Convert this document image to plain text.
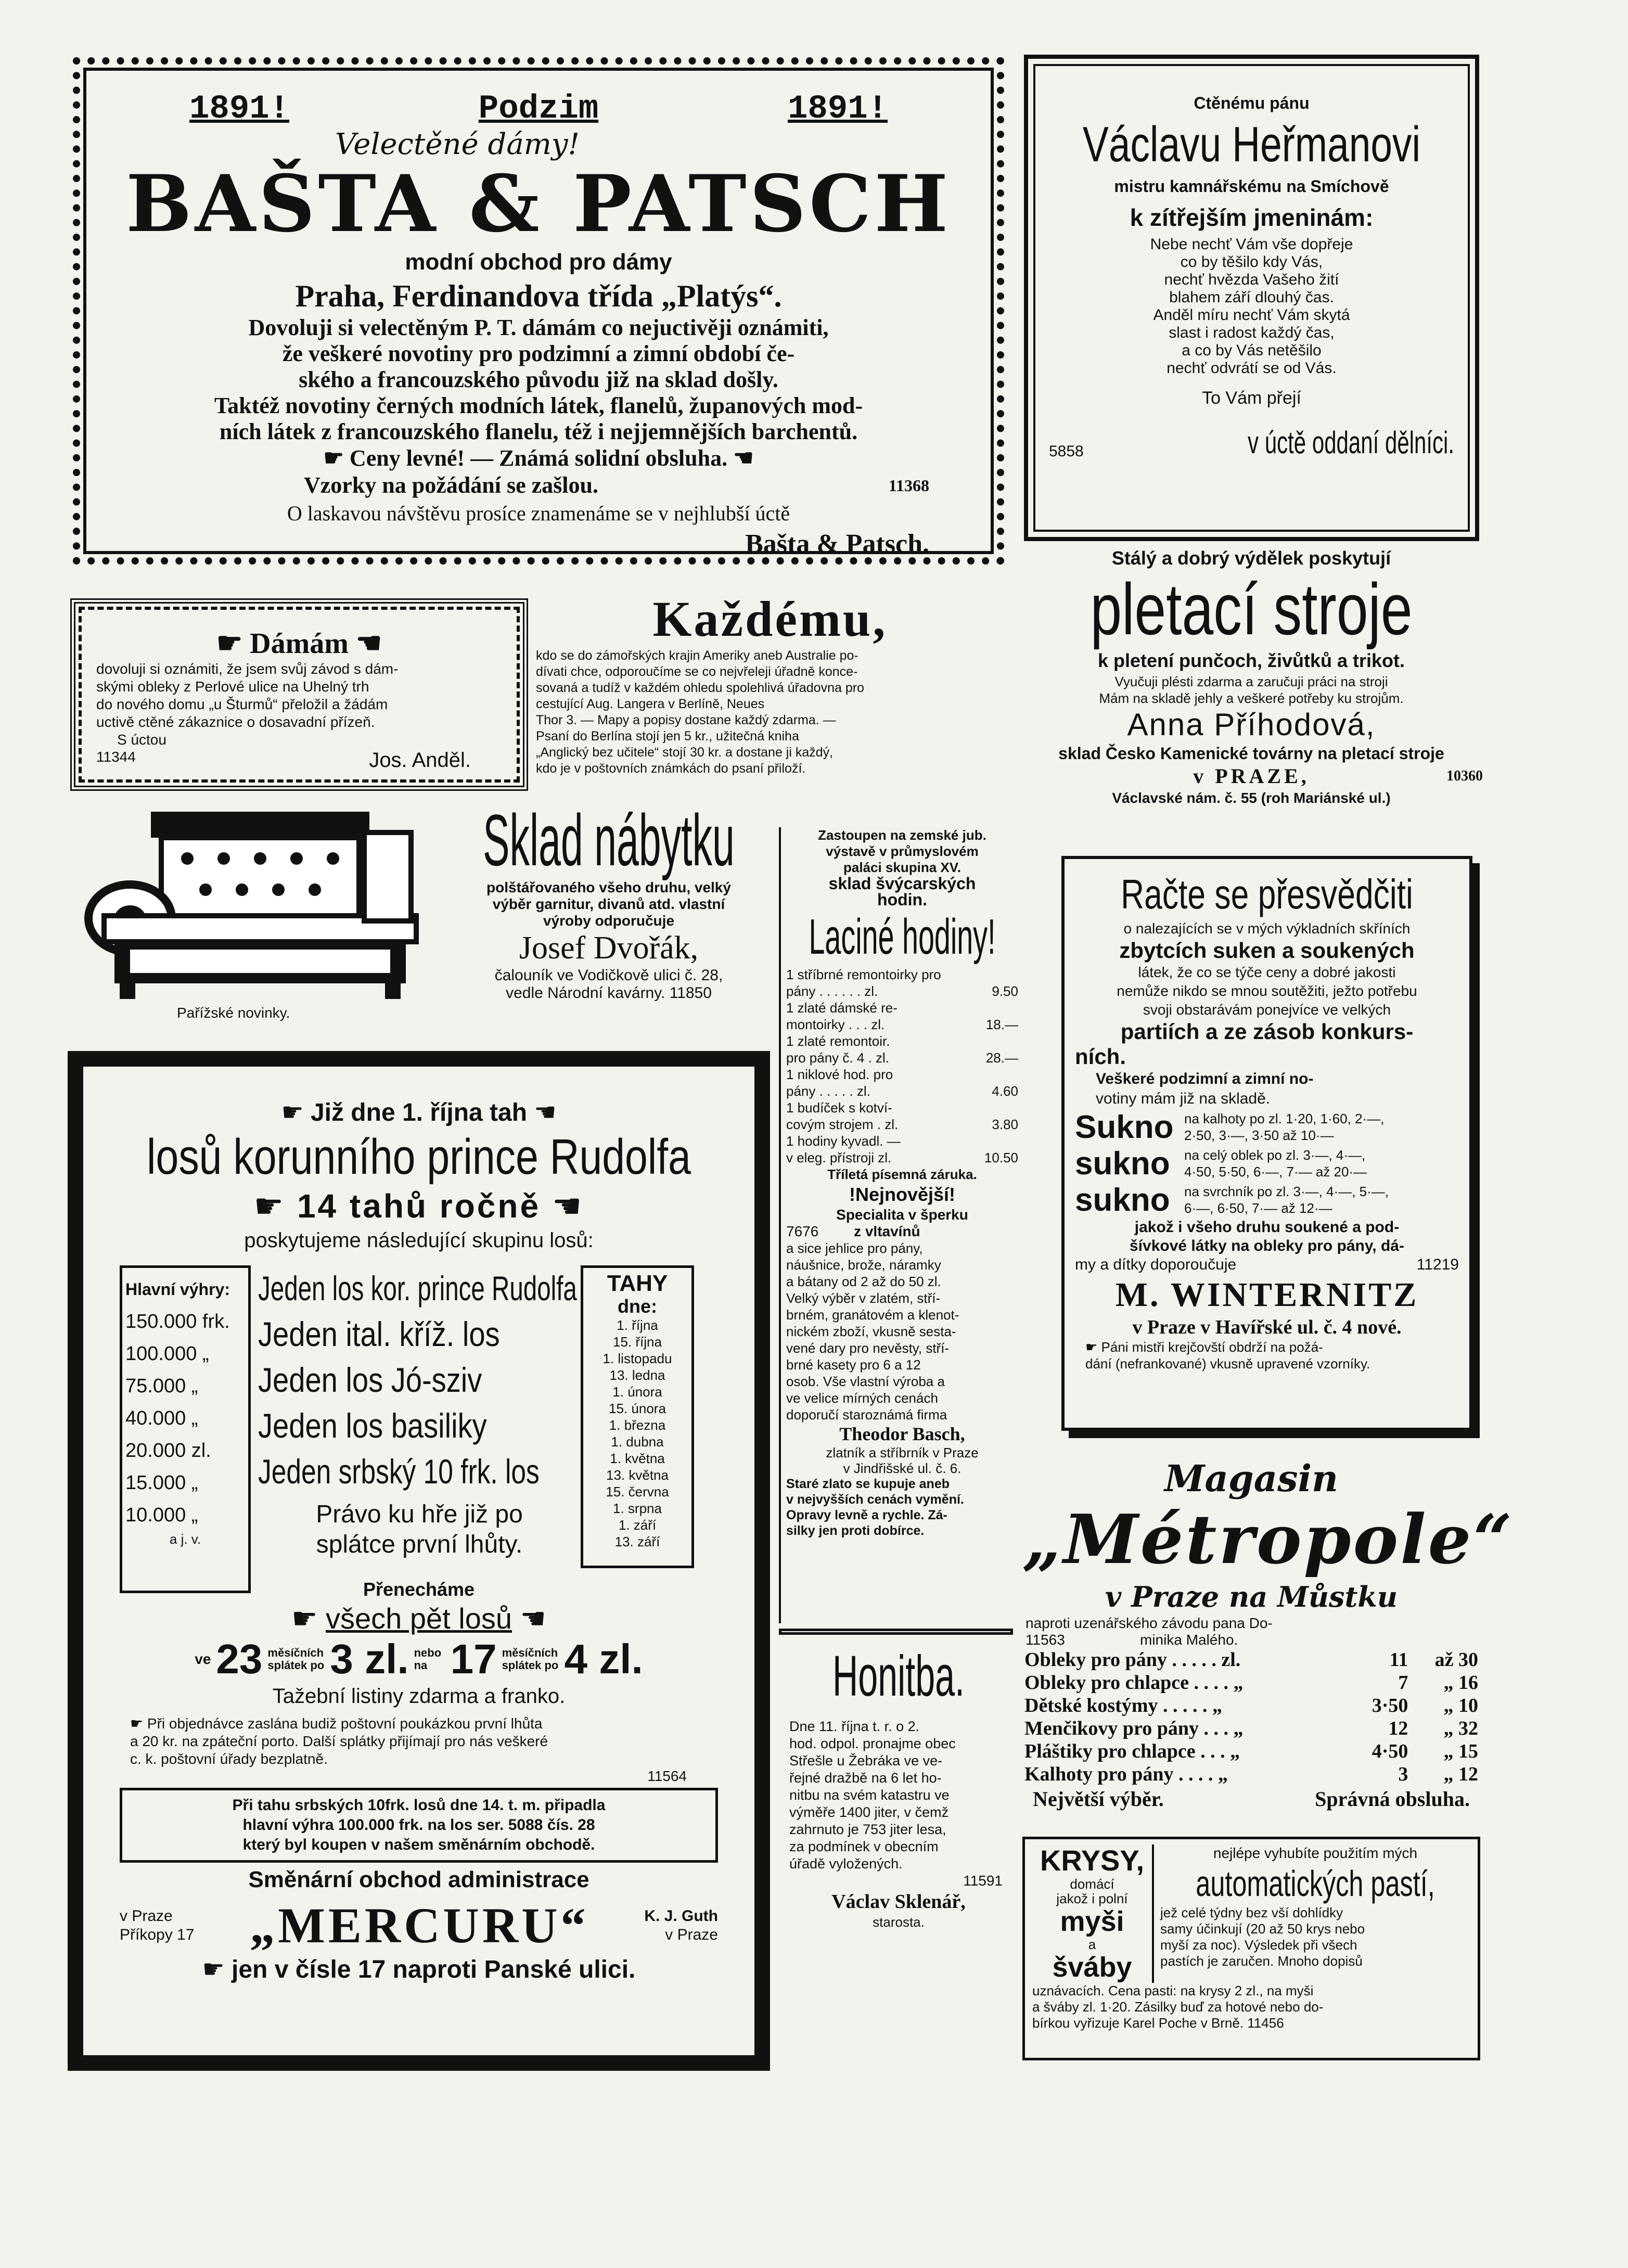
1891!	Podzim	1891!
Velectěné dámy!
BAŠTA & PATSCH
modní obchod pro dámy
Praha, Ferdinandova třída „Platýs“.
Dovoluji si velectěným P. T. dámám co nejuctivěji oznámiti,
že veškeré novotiny pro podzimní a zimní období če-
ského a francouzského původu již na sklad došly.
Taktéž novotiny černých modních látek, flanelů, županových mod-
ních látek z francouzského flanelu, též i nejjemnějších barchentů.
☛ Ceny levné! — Známá solidní obsluha. ☚
Vzorky na požádání se zašlou.	11368
O laskavou návštěvu prosíce znamenáme se v nejhlubší úctě
Bašta & Patsch.
Ctěnému pánu
Václavu Heřmanovi
mistru kamnářskému na Smíchově
k zítřejším jmeninám:
Nebe nechť Vám vše dopřeje
co by těšilo kdy Vás,
nechť hvězda Vašeho žití
blahem září dlouhý čas.
Anděl míru nechť Vám skytá
slast i radost každý čas,
a co by Vás netěšilo
nechť odvrátí se od Vás.
To Vám přejí
5858	v úctě oddaní dělníci.
☛ Dámám ☚
dovoluji si oznámiti, že jsem svůj závod s dám-
skými obleky z Perlové ulice na Uhelný trh
do nového domu „u Šturmů“ přeložil a žádám
uctivě ctěné zákaznice o dosavadní přízeň.
S úctou
11344	Jos. Anděl.
Každému,
kdo se do zámořských krajin Ameriky aneb Australie po-
dívati chce, odporoučíme se co nejvřeleji úřadně konce-
sovaná a tudíž v každém ohledu spolehlivá úřadovna pro
cestující Aug. Langera v Berlíně, Neues
Thor 3. — Mapy a popisy dostane každý zdarma. —
Psaní do Berlína stojí jen 5 kr., užitečná kniha
„Anglický bez učitele“ stojí 30 kr. a dostane ji každý,
kdo je v poštovních známkách do psaní přiloží.
Stálý a dobrý výdělek poskytují
pletací stroje
k pletení punčoch, živůtků a trikot.
Vyučuji plésti zdarma a zaručuji práci na stroji
Mám na skladě jehly a veškeré potřeby ku strojům.
Anna Příhodová,
sklad Česko Kamenické továrny na pletací stroje
v PRAZE,	10360
Václavské nám. č. 55 (roh Mariánské ul.)
Pařížské novinky.
Sklad nábytku
polštářovaného všeho druhu, velký
výběr garnitur, divanů atd. vlastní
výroby odporučuje
Josef Dvořák,
čalouník ve Vodičkově ulici č. 28,
vedle Národní kavárny. 11850
Zastoupen na zemské jub.
výstavě v průmyslovém
paláci skupina XV.
sklad švýcarských
hodin.
Laciné hodiny!
1 stříbrné remontoirky pro
pány . . . . . . zl.	9.50
1 zlaté dámské re-
montoirky . . . zl.	18.—
1 zlaté remontoir.
pro pány č. 4 . zl.	28.—
1 niklové hod. pro
pány . . . . . zl.	4.60
1 budíček s kotví-
covým strojem . zl.	3.80
1 hodiny kyvadl. —
v eleg. přístroji zl.	10.50
Tříletá písemná záruka.
!Nejnovější!
Specialita v šperku
7676 z vltavínů
a sice jehlice pro pány,
náušnice, brože, náramky
a bátany od 2 až do 50 zl.
Velký výběr v zlatém, stří-
brném, granátovém a klenot-
nickém zboží, vkusně sesta-
vené dary pro nevěsty, stří-
brné kasety pro 6 a 12
osob. Vše vlastní výroba a
ve velice mírných cenách
doporučí staroznámá firma
Theodor Basch,
zlatník a stříbrník v Praze
v Jindřišské ul. č. 6.
Staré zlato se kupuje aneb
v nejvyšších cenách vymění.
Opravy levně a rychle. Zá-
silky jen proti dobírce.
Račte se přesvědčiti
o nalezajících se v mých výkladních skříních
zbytcích suken a soukených
látek, že co se týče ceny a dobré jakosti
nemůže nikdo se mnou soutěžiti, ježto potřebu
svoji obstarávám ponejvíce ve velkých
partiích a ze zásob konkurs-
ních.
Veškeré podzimní a zimní no-
votiny mám již na skladě.
Sukno na kalhoty po zl. 1·20, 1·60, 2·—,
2·50, 3·—, 3·50 až 10·—
sukno	na celý oblek po zl. 3·—, 4·—,
4·50, 5·50, 6·—, 7·— až 20·—
sukno	na svrchník po zl. 3·—, 4·—, 5·—,
6·—, 6·50, 7·— až 12·—
jakož i všeho druhu soukené a pod-
šívkové látky na obleky pro pány, dá-
my a dítky doporoučuje	11219
M. WINTERNITZ
v Praze v Havířské ul. č. 4 nové.
☛ Páni mistři krejčovští obdrží na požá-
dání (nefrankované) vkusně upravené vzorníky.
☛ Již dne 1. října tah ☚
losů korunního prince Rudolfa
☛ 14 tahů ročně ☚
poskytujeme následující skupinu losů:
Hlavní výhry:
150.000 frk.
100.000 „
75.000 „
40.000 „
20.000 zl.
15.000 „
10.000 „
a j. v.
Jeden los kor. prince Rudolfa
Jeden ital. kříž. los
Jeden los Jó-sziv
Jeden los basiliky
Jeden srbský 10 frk. los
Právo ku hře již po splátce první lhůty.
TAHY
dne:
1. října
15. října
1. listopadu
13. ledna
1. února
15. února
1. března
1. dubna
1. května
13. května
15. června
1. srpna
1. září
13. září
Přenecháme
☛ všech pět losů ☚
ve 23 měsíčních splátek po 3 zl. nebo na 17 měsíčních splátek po 4 zl.
Tažební listiny zdarma a franko.
☛ Při objednávce zaslána budiž poštovní poukázkou první lhůta
a 20 kr. na zpáteční porto. Další splátky přijímají pro nás veškeré
c. k. poštovní úřady bezplatně.
11564
Při tahu srbských 10frk. losů dne 14. t. m. připadla
hlavní výhra 100.000 frk. na los ser. 5088 čís. 28
který byl koupen v našem směnárním obchodě.
Směnární obchod administrace
v Praze
Příkopy 17 „MERCURU“	K. J. Guth
v Praze
☛ jen v čísle 17 naproti Panské ulici.
Honitba.
Dne 11. října t. r. o 2.
hod. odpol. pronajme obec
Střešle u Žebráka ve ve-
řejné dražbě na 6 let ho-
nitbu na svém katastru ve
výměře 1400 jiter, v čemž
zahrnuto je 753 jiter lesa,
za podmínek v obecním
úřadě vyložených.
11591
Václav Sklenář,
starosta.
Magasin
„Métropole“
v Praze na Můstku
naproti uzenářského závodu pana Do-
11563	minika Malého.
Obleky pro pány . . . . . zl.	11	až 30
Obleky pro chlapce . . . . „	7	„ 16
Dětské kostýmy . . . . . „	3·50	„ 10
Menčikovy pro pány . . . „	12	„ 32
Pláštiky pro chlapce . . . „	4·50	„ 15
Kalhoty pro pány . . . . „	3	„ 12
Největší výběr.	Správná obsluha.
KRYSY,
domácí
jakož i polní
myši
a
šváby
nejlépe vyhubíte použitím mých
automatických pastí,
jež celé týdny bez vší dohlídky
samy účinkují (20 až 50 krys nebo
myší za noc). Výsledek při všech
pastích je zaručen. Mnoho dopisů
uznávacích. Cena pasti: na krysy 2 zl., na myši
a šváby zl. 1·20. Zásilky buď za hotové nebo do-
bírkou vyřizuje Karel Poche v Brně. 11456
